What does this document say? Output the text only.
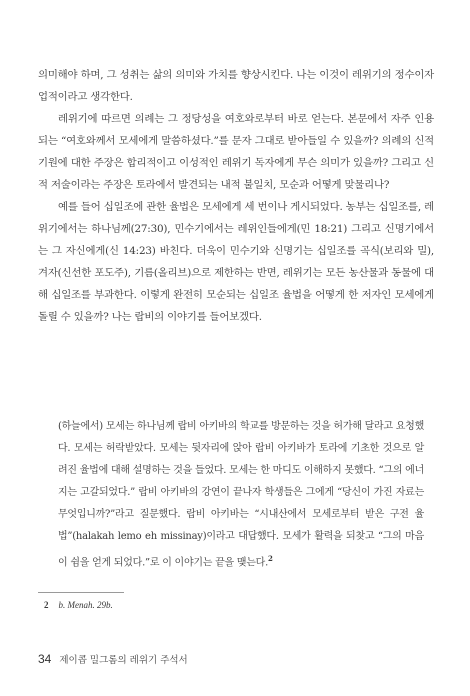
의미해야 하며, 그 성취는 삶의 의미와 가치를 향상시킨다. 나는 이것이 레위기의 정수이자 업적이라고 생각한다.

레위기에 따르면 의례는 그 정당성을 여호와로부터 바로 얻는다. 본문에서 자주 인용되는 “여호와께서 모세에게 말씀하셨다.”를 문자 그대로 받아들일 수 있을까? 의례의 신적 기원에 대한 주장은 합리적이고 이성적인 레위기 독자에게 무슨 의미가 있을까? 그리고 신적 저술이라는 주장은 토라에서 발견되는 내적 불일치, 모순과 어떻게 맞물리나?

예를 들어 십일조에 관한 율법은 모세에게 세 번이나 게시되었다. 농부는 십일조를, 레위기에서는 하나님께(27:30), 민수기에서는 레위인들에게(민 18:21) 그리고 신명기에서는 그 자신에게(신 14:23) 바친다. 더욱이 민수기와 신명기는 십일조를 곡식(보리와 밀), 겨자(신선한 포도주), 기름(올리브)으로 제한하는 반면, 레위기는 모든 농산물과 동물에 대해 십일조를 부과한다. 이렇게 완전히 모순되는 십일조 율법을 어떻게 한 저자인 모세에게 돌릴 수 있을까? 나는 랍비의 이야기를 들어보겠다.

(하늘에서) 모세는 하나님께 랍비 아키바의 학교를 방문하는 것을 허가해 달라고 요청했다. 모세는 허락받았다. 모세는 뒷자리에 앉아 랍비 아키바가 토라에 기초한 것으로 알려진 율법에 대해 설명하는 것을 들었다. 모세는 한 마디도 이해하지 못했다. “그의 에너지는 고갈되었다.” 랍비 아키바의 강연이 끝나자 학생들은 그에게 “당신이 가진 자료는 무엇입니까?”라고 질문했다. 랍비 아키바는 “시내산에서 모세로부터 받은 구전 율법”(halakah lemo eh missinay)이라고 대답했다. 모세가 활력을 되찾고 “그의 마음이 쉼을 얻게 되었다.”로 이 이야기는 끝을 맺는다.$^2$

2 b. Menah. 29b.
34 제이콥 밀그롬의 레위기 주석서
